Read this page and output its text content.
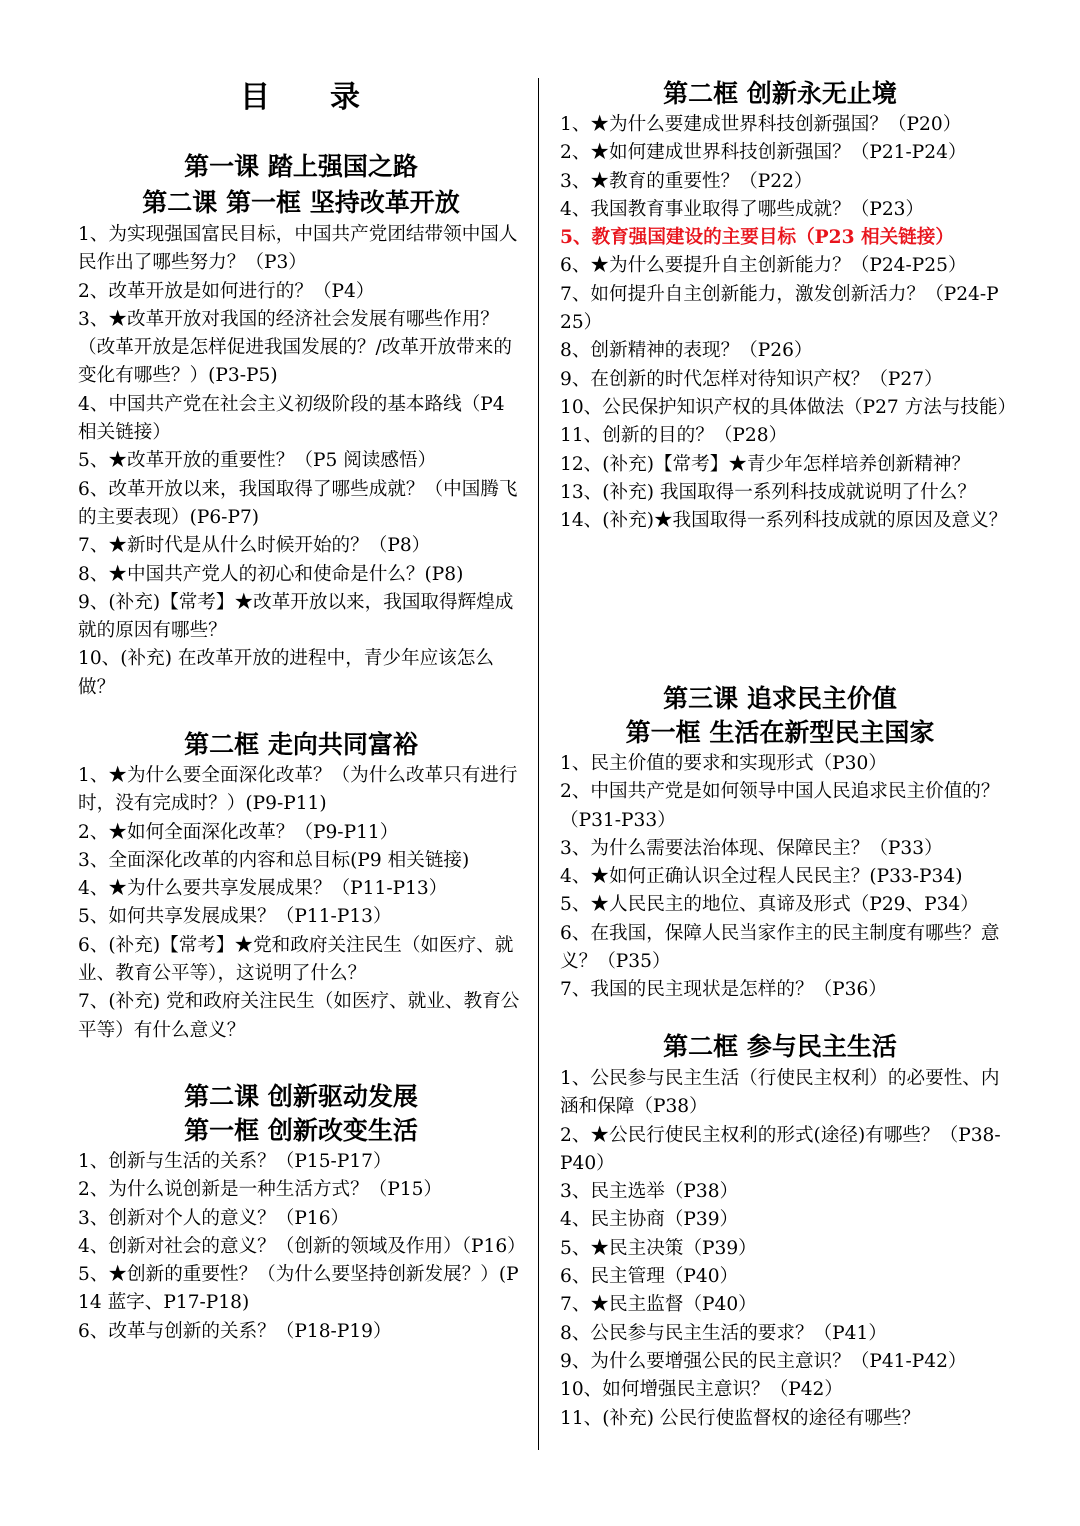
目　　录
第一课 踏上强国之路
第二课 第一框 坚持改革开放

1、为实现强国富民目标，中国共产党团结带领中国人民作出了哪些努力？（P3）

2、改革开放是如何进行的？（P4）

3、★改革开放对我国的经济社会发展有哪些作用？（改革开放是怎样促进我国发展的？/改革开放带来的变化有哪些？）(P3-P5)

4、中国共产党在社会主义初级阶段的基本路线（P4 相关链接）

5、★改革开放的重要性？（P5 阅读感悟）

6、改革开放以来，我国取得了哪些成就？（中国腾飞的主要表现）(P6-P7)

7、★新时代是从什么时候开始的？（P8）

8、★中国共产党人的初心和使命是什么？(P8)

9、(补充)【常考】★改革开放以来，我国取得辉煌成就的原因有哪些？

10、(补充) 在改革开放的进程中，青少年应该怎么做？

第二框 走向共同富裕

1、★为什么要全面深化改革？（为什么改革只有进行时，没有完成时？）(P9-P11)

2、★如何全面深化改革？（P9-P11）

3、全面深化改革的内容和总目标(P9 相关链接)

4、★为什么要共享发展成果？（P11-P13）

5、如何共享发展成果？（P11-P13）

6、(补充)【常考】★党和政府关注民生（如医疗、就业、教育公平等），这说明了什么？

7、(补充) 党和政府关注民生（如医疗、就业、教育公平等）有什么意义？

第二课 创新驱动发展
第一框 创新改变生活

1、创新与生活的关系？（P15-P17）

2、为什么说创新是一种生活方式？（P15）

3、创新对个人的意义？（P16）

4、创新对社会的意义？（创新的领域及作用）（P16）

5、★创新的重要性？（为什么要坚持创新发展？）(P14 蓝字、P17-P18)

6、改革与创新的关系？（P18-P19）

第二框 创新永无止境

1、★为什么要建成世界科技创新强国？（P20）

2、★如何建成世界科技创新强国？（P21-P24）

3、★教育的重要性？（P22）

4、我国教育事业取得了哪些成就？（P23）

5、教育强国建设的主要目标（P23 相关链接）

6、★为什么要提升自主创新能力？（P24-P25）

7、如何提升自主创新能力，激发创新活力？（P24-P25）

8、创新精神的表现？（P26）

9、在创新的时代怎样对待知识产权？（P27）

10、公民保护知识产权的具体做法（P27 方法与技能）

11、创新的目的？（P28）

12、(补充)【常考】★青少年怎样培养创新精神？

13、(补充) 我国取得一系列科技成就说明了什么？

14、(补充)★我国取得一系列科技成就的原因及意义？

第三课 追求民主价值
第一框 生活在新型民主国家

1、民主价值的要求和实现形式（P30）

2、中国共产党是如何领导中国人民追求民主价值的？（P31-P33）

3、为什么需要法治体现、保障民主？（P33）

4、★如何正确认识全过程人民民主？(P33-P34)

5、★人民民主的地位、真谛及形式（P29、P34）

6、在我国，保障人民当家作主的民主制度有哪些？意义？（P35）

7、我国的民主现状是怎样的？（P36）

第二框 参与民主生活

1、公民参与民主生活（行使民主权利）的必要性、内涵和保障（P38）

2、★公民行使民主权利的形式(途径)有哪些？（P38-P40）

3、民主选举（P38）

4、民主协商（P39）

5、★民主决策（P39）

6、民主管理（P40）

7、★民主监督（P40）

8、公民参与民主生活的要求？（P41）

9、为什么要增强公民的民主意识？（P41-P42）

10、如何增强民主意识？（P42）

11、(补充) 公民行使监督权的途径有哪些？
